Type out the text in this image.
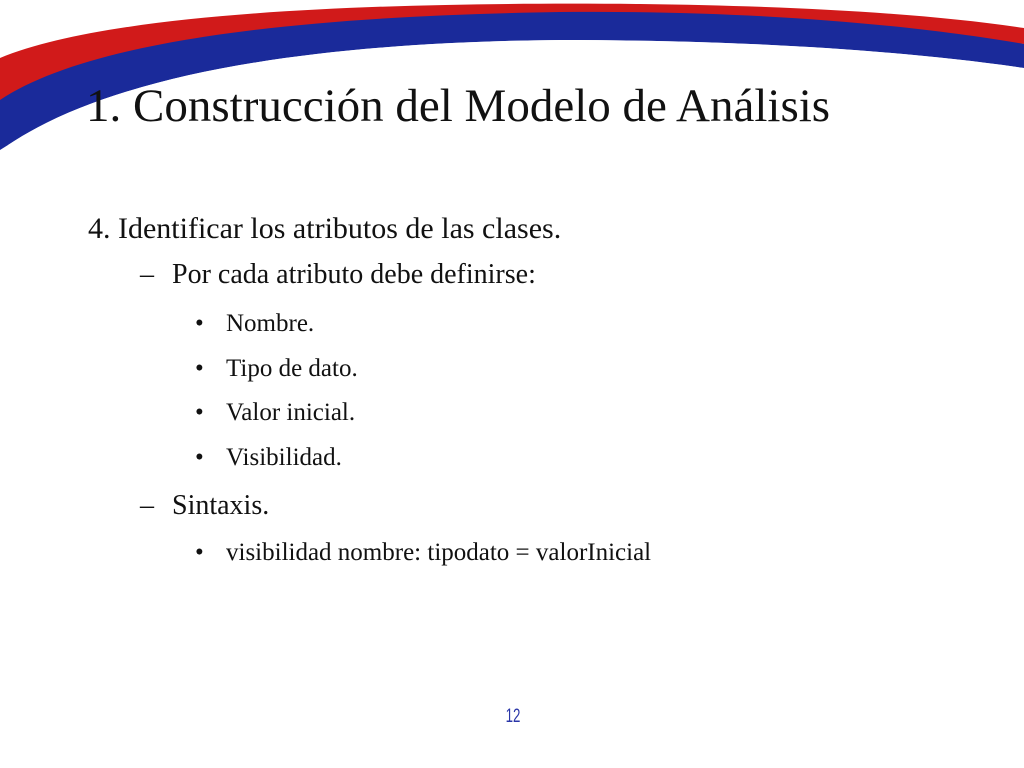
1. Construcción del Modelo de Análisis
4. Identificar los atributos de las clases.
– Por cada atributo debe definirse:
• Nombre.
• Tipo de dato.
• Valor inicial.
• Visibilidad.
– Sintaxis.
• visibilidad nombre: tipodato = valorInicial
12
